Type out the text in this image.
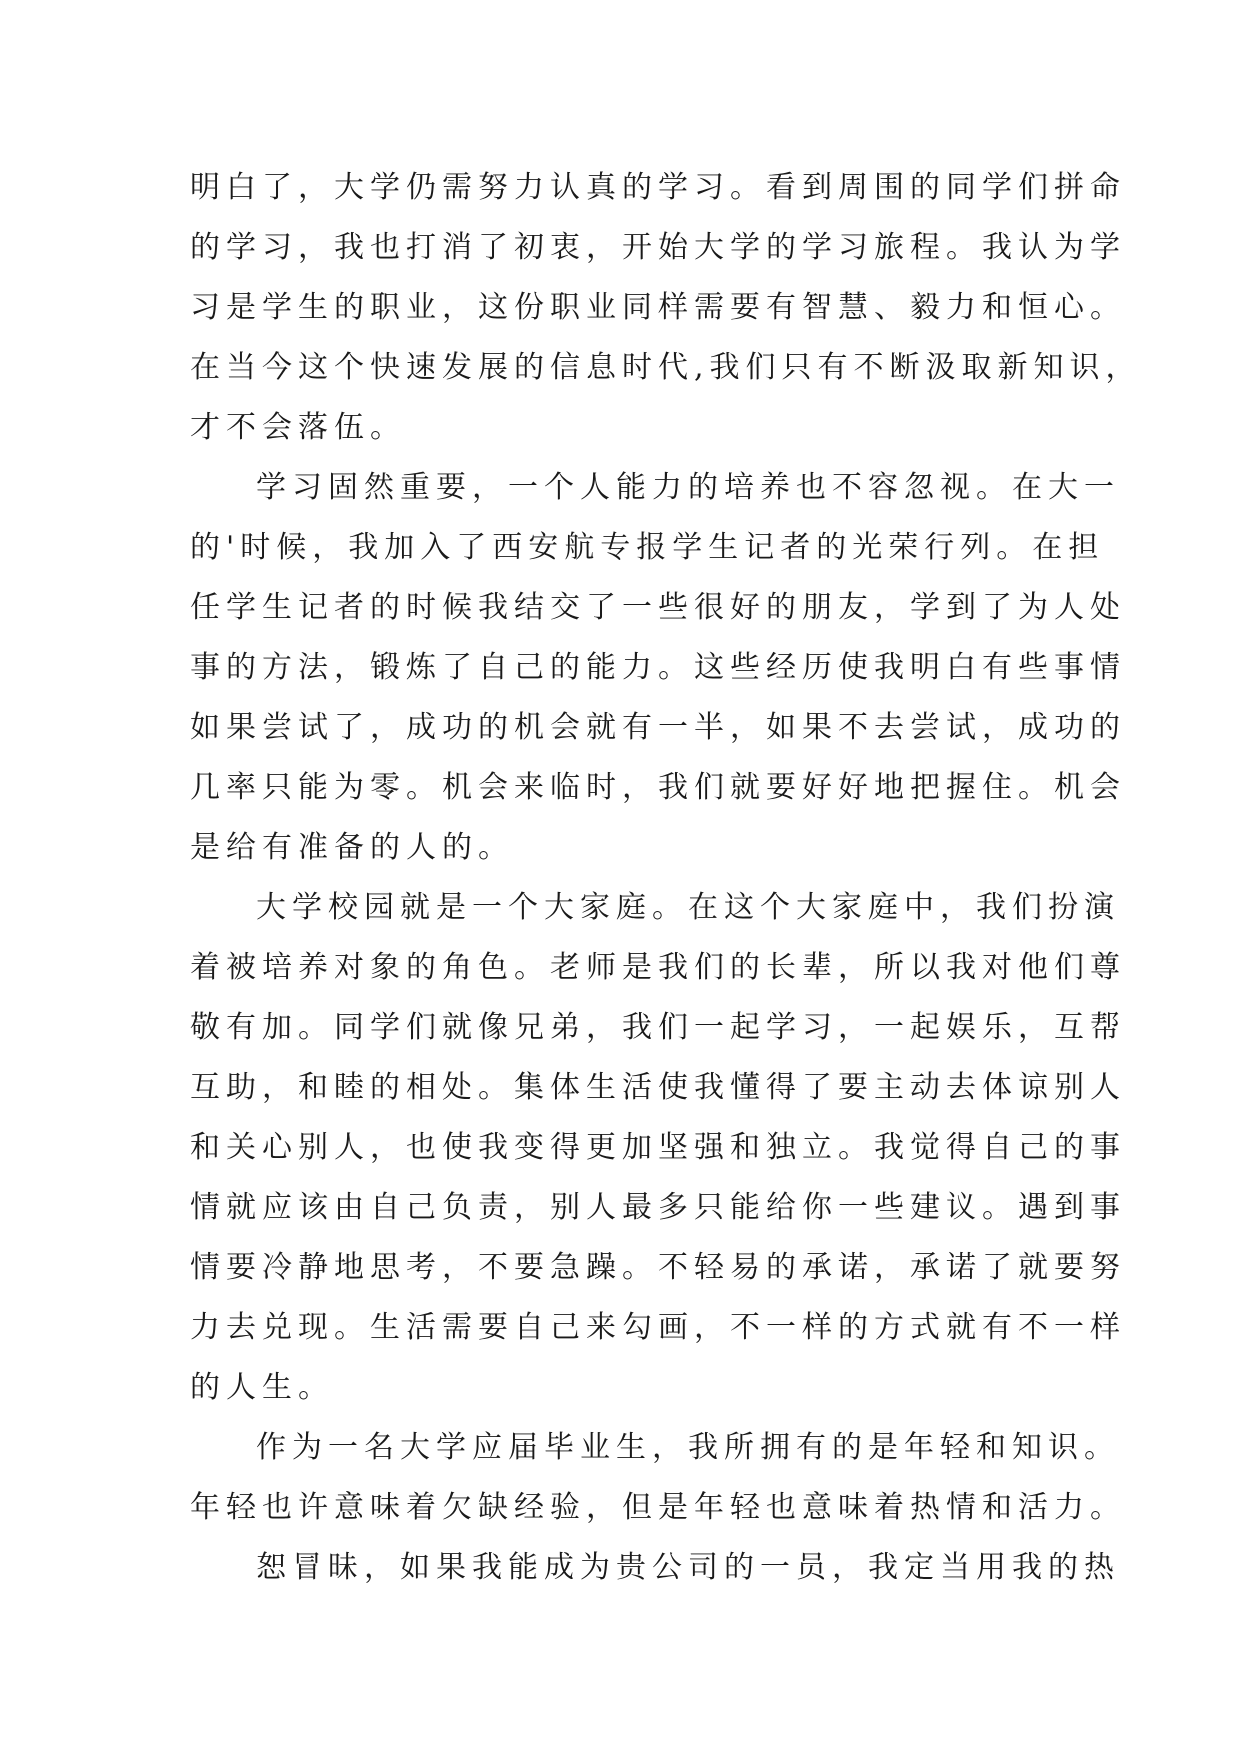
明白了，大学仍需努力认真的学习。看到周围的同学们拼命
的学习，我也打消了初衷，开始大学的学习旅程。我认为学
习是学生的职业，这份职业同样需要有智慧、毅力和恒心。
在当今这个快速发展的信息时代,我们只有不断汲取新知识，
才不会落伍。
学习固然重要，一个人能力的培养也不容忽视。在大一
的'时候，我加入了西安航专报学生记者的光荣行列。在担
任学生记者的时候我结交了一些很好的朋友，学到了为人处
事的方法，锻炼了自己的能力。这些经历使我明白有些事情
如果尝试了，成功的机会就有一半，如果不去尝试，成功的
几率只能为零。机会来临时，我们就要好好地把握住。机会
是给有准备的人的。
大学校园就是一个大家庭。在这个大家庭中，我们扮演
着被培养对象的角色。老师是我们的长辈，所以我对他们尊
敬有加。同学们就像兄弟，我们一起学习，一起娱乐，互帮
互助，和睦的相处。集体生活使我懂得了要主动去体谅别人
和关心别人，也使我变得更加坚强和独立。我觉得自己的事
情就应该由自己负责，别人最多只能给你一些建议。遇到事
情要冷静地思考，不要急躁。不轻易的承诺，承诺了就要努
力去兑现。生活需要自己来勾画，不一样的方式就有不一样
的人生。
作为一名大学应届毕业生，我所拥有的是年轻和知识。
年轻也许意味着欠缺经验，但是年轻也意味着热情和活力。
恕冒昧，如果我能成为贵公司的一员，我定当用我的热
